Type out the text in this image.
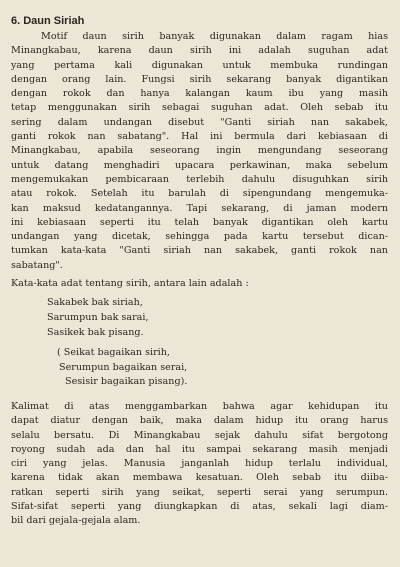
6. Daun Siriah
Motif daun sirih banyak digunakan dalam ragam hias
Minangkabau, karena daun sirih ini adalah suguhan adat
yang pertama kali digunakan untuk membuka rundingan
dengan orang lain. Fungsi sirih sekarang banyak digantikan
dengan rokok dan hanya kalangan kaum ibu yang masih
tetap menggunakan sirih sebagai suguhan adat. Oleh sebab itu
sering dalam undangan disebut "Ganti siriah nan sakabek,
ganti rokok nan sabatang". Hal ini bermula dari kebiasaan di
Minangkabau, apabila seseorang ingin mengundang seseorang
untuk datang menghadiri upacara perkawinan, maka sebelum
mengemukakan pembicaraan terlebih dahulu disuguhkan sirih
atau rokok. Setelah itu barulah di sipengundang mengemuka-
kan maksud kedatangannya. Tapi sekarang, di jaman modern
ini kebiasaan seperti itu telah banyak digantikan oleh kartu
undangan yang dicetak, sehingga pada kartu tersebut dican-
tumkan kata-kata "Ganti siriah nan sakabek, ganti rokok nan
sabatang".
Kata-kata adat tentang sirih, antara lain adalah :
Sakabek bak siriah,
Sarumpun bak sarai,
Sasikek bak pisang.
( Seikat bagaikan sirih,
Serumpun bagaikan serai,
Sesisir bagaikan pisang).
Kalimat di atas menggambarkan bahwa agar kehidupan itu
dapat diatur dengan baik, maka dalam hidup itu orang harus
selalu bersatu. Di Minangkabau sejak dahulu sifat bergotong
royong sudah ada dan hal itu sampai sekarang masih menjadi
ciri yang jelas. Manusia janganlah hidup terlalu individual,
karena tidak akan membawa kesatuan. Oleh sebab itu diiba-
ratkan seperti sirih yang seikat, seperti serai yang serumpun.
Sifat-sifat seperti yang diungkapkan di atas, sekali lagi diam-
bil dari gejala-gejala alam.
